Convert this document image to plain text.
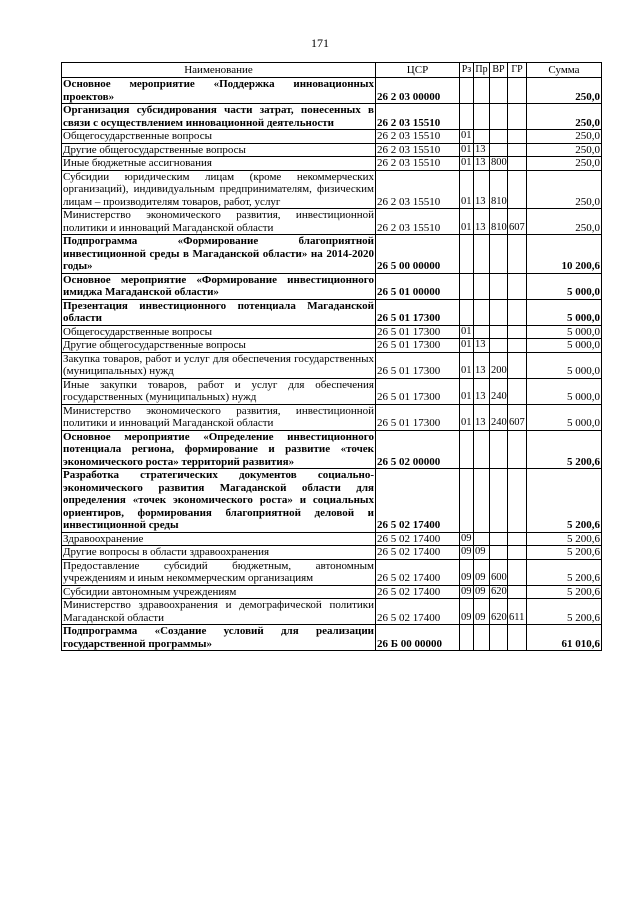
171
Наименование	ЦСР	Рз	Пр	ВР	ГР	Сумма
Основное мероприятие «Поддержка инновационных проектов»	26 2 03 00000					250,0
Организация субсидирования части затрат, понесенных в связи с осуществлением инновационной деятельности	26 2 03 15510					250,0
Общегосударственные вопросы	26 2 03 15510	01				250,0
Другие общегосударственные вопросы	26 2 03 15510	01	13			250,0
Иные бюджетные ассигнования	26 2 03 15510	01	13	800		250,0
Субсидии юридическим лицам (кроме некоммерческих организаций), индивидуальным предпринимателям, физическим лицам – производителям товаров, работ, услуг	26 2 03 15510	01	13	810		250,0
Министерство экономического развития, инвестиционной политики и инноваций Магаданской области	26 2 03 15510	01	13	810	607	250,0
Подпрограмма «Формирование благоприятной инвестиционной среды в Магаданской области» на 2014-2020 годы»	26 5 00 00000					10 200,6
Основное мероприятие «Формирование инвестиционного имиджа Магаданской области»	26 5 01 00000					5 000,0
Презентация инвестиционного потенциала Магаданской области	26 5 01 17300					5 000,0
Общегосударственные вопросы	26 5 01 17300	01				5 000,0
Другие общегосударственные вопросы	26 5 01 17300	01	13			5 000,0
Закупка товаров, работ и услуг для обеспечения государственных (муниципальных) нужд	26 5 01 17300	01	13	200		5 000,0
Иные закупки товаров, работ и услуг для обеспечения государственных (муниципальных) нужд	26 5 01 17300	01	13	240		5 000,0
Министерство экономического развития, инвестиционной политики и инноваций Магаданской области	26 5 01 17300	01	13	240	607	5 000,0
Основное мероприятие «Определение инвестиционного потенциала региона, формирование и развитие «точек экономического роста» территорий развития»	26 5 02 00000					5 200,6
Разработка стратегических документов социально-экономического развития Магаданской области для определения «точек экономического роста» и социальных ориентиров, формирования благоприятной деловой и инвестиционной среды	26 5 02 17400					5 200,6
Здравоохранение	26 5 02 17400	09				5 200,6
Другие вопросы в области здравоохранения	26 5 02 17400	09	09			5 200,6
Предоставление субсидий бюджетным, автономным учреждениям и иным некоммерческим организациям	26 5 02 17400	09	09	600		5 200,6
Субсидии автономным учреждениям	26 5 02 17400	09	09	620		5 200,6
Министерство здравоохранения и демографической политики Магаданской области	26 5 02 17400	09	09	620	611	5 200,6
Подпрограмма «Создание условий для реализации государственной программы»	26 Б 00 00000					61 010,6
